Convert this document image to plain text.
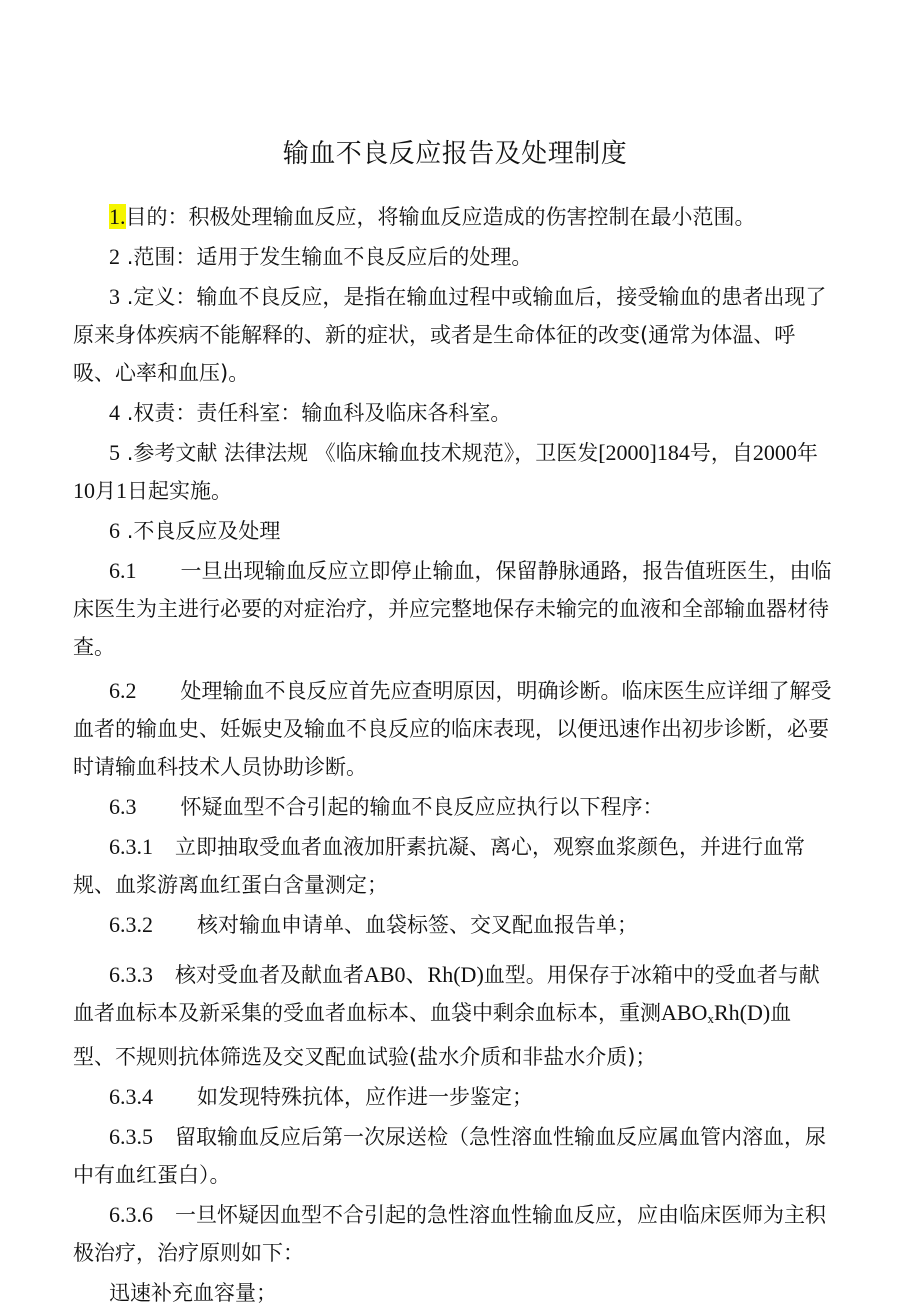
输血不良反应报告及处理制度

1.目的：积极处理输血反应，将输血反应造成的伤害控制在最小范围。

2 .范围：适用于发生输血不良反应后的处理。

3 .定义：输血不良反应，是指在输血过程中或输血后，接受输血的患者出现了原来身体疾病不能解释的、新的症状，或者是生命体征的改变(通常为体温、呼吸、心率和血压)。

4 .权责：责任科室：输血科及临床各科室。

5 .参考文献 法律法规 《临床输血技术规范》，卫医发[2000]184号，自2000年10月1日起实施。

6 .不良反应及处理

6.1 一旦出现输血反应立即停止输血，保留静脉通路，报告值班医生，由临床医生为主进行必要的对症治疗，并应完整地保存未输完的血液和全部输血器材待查。

6.2 处理输血不良反应首先应查明原因，明确诊断。临床医生应详细了解受血者的输血史、妊娠史及输血不良反应的临床表现，以便迅速作出初步诊断，必要时请输血科技术人员协助诊断。

6.3 怀疑血型不合引起的输血不良反应应执行以下程序：

6.3.1 立即抽取受血者血液加肝素抗凝、离心，观察血浆颜色，并进行血常规、血浆游离血红蛋白含量测定；

6.3.2 核对输血申请单、血袋标签、交叉配血报告单；

6.3.3 核对受血者及献血者AB0、Rh(D)血型。用保存于冰箱中的受血者与献血者血标本及新采集的受血者血标本、血袋中剩余血标本，重测$ABO_xRh(D)$血型、不规则抗体筛选及交叉配血试验(盐水介质和非盐水介质)；

6.3.4 如发现特殊抗体，应作进一步鉴定；

6.3.5 留取输血反应后第一次尿送检（急性溶血性输血反应属血管内溶血，尿中有血红蛋白）。

6.3.6 一旦怀疑因血型不合引起的急性溶血性输血反应，应由临床医师为主积极治疗，治疗原则如下：

迅速补充血容量；
